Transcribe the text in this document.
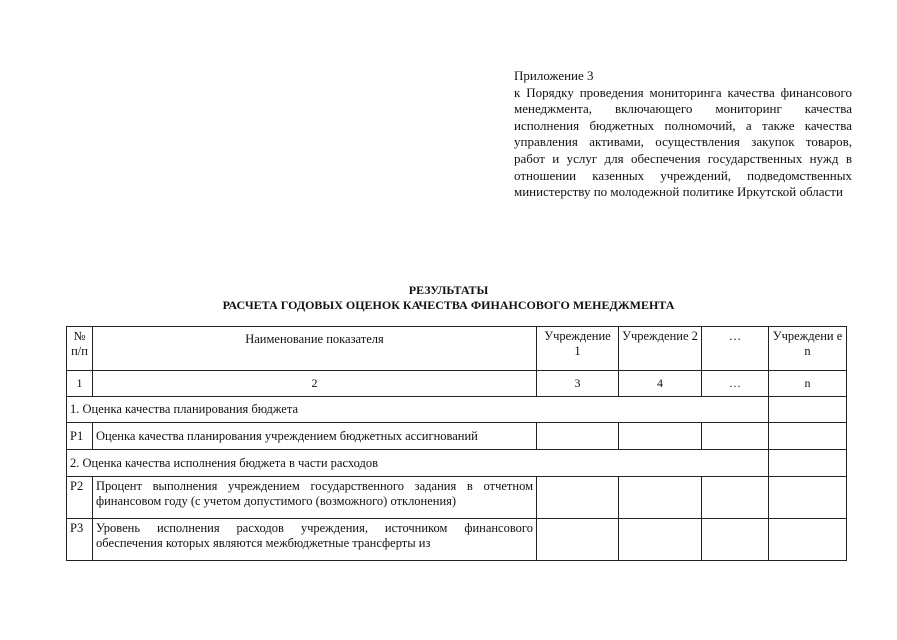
Приложение 3
к Порядку проведения мониторинга качества финансового менеджмента, включающего мониторинг качества исполнения бюджетных полномочий, а также качества управления активами, осуществления закупок товаров, работ и услуг для обеспечения государственных нужд в отношении казенных учреждений, подведомственных министерству по молодежной политике Иркутской области
РЕЗУЛЬТАТЫ
РАСЧЕТА ГОДОВЫХ ОЦЕНОК КАЧЕСТВА ФИНАНСОВОГО МЕНЕДЖМЕНТА
№ п/п	Наименование показателя	Учреждение 1	Учреждение 2	…	Учреждени е n
1	2	3	4	…	n
1. Оценка качества планирования бюджета					
Р1	Оценка качества планирования учреждением бюджетных ассигнований				
2. Оценка качества исполнения бюджета в части расходов					
Р2	Процент выполнения учреждением государственного задания в отчетном финансовом году (с учетом допустимого (возможного) отклонения)				
Р3	Уровень исполнения расходов учреждения, источником финансового обеспечения которых являются межбюджетные трансферты из				
